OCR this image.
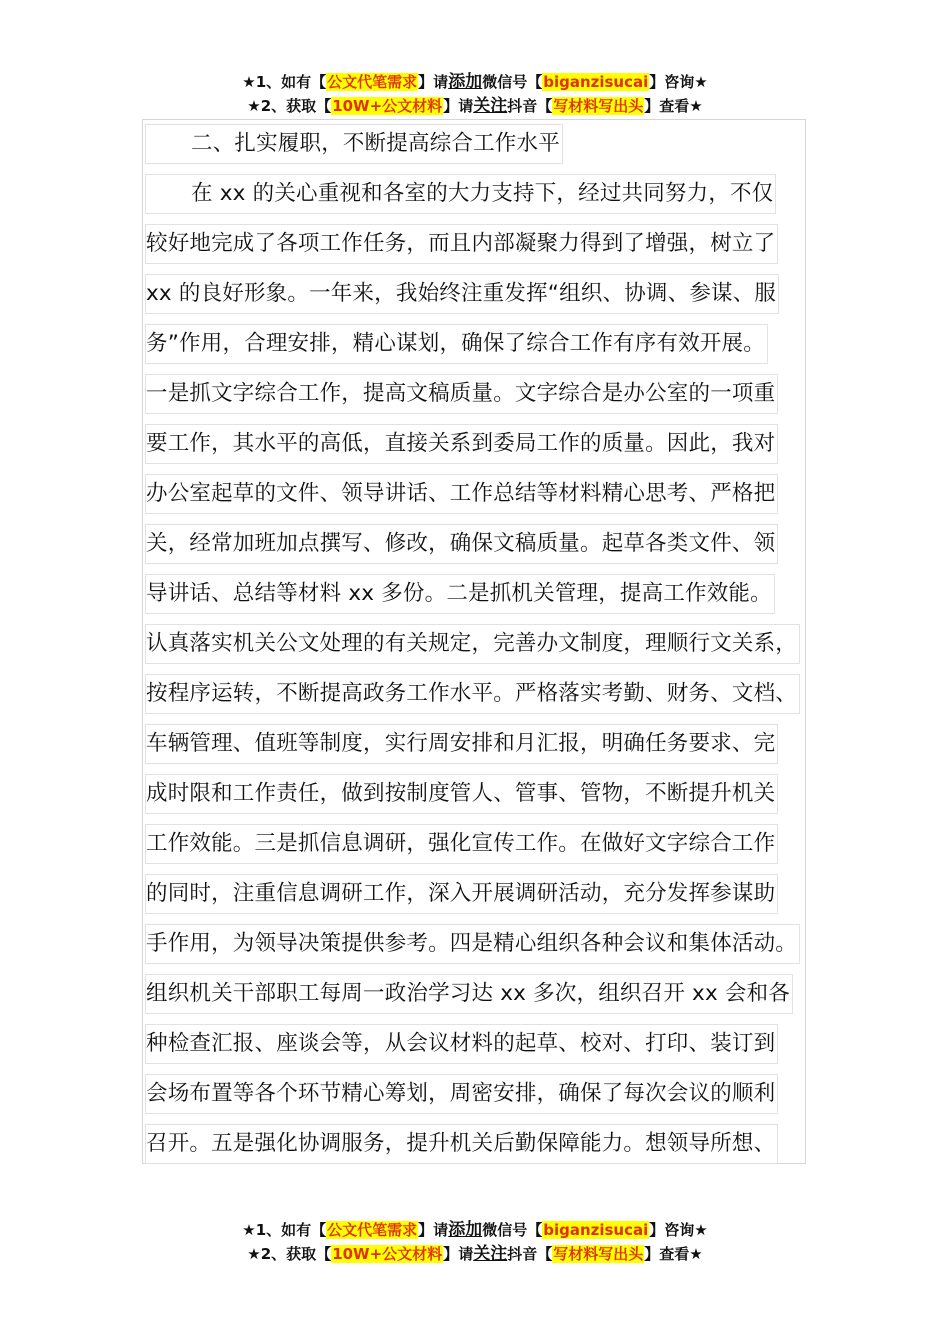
★1、如有【公文代笔需求】请添加微信号【biganzisucai】咨询★
★2、获取【10W+公文材料】请关注抖音【写材料写出头】查看★
二、扎实履职，不断提高综合工作水平
在 xx 的关心重视和各室的大力支持下，经过共同努力，不仅
较好地完成了各项工作任务，而且内部凝聚力得到了增强，树立了
xx 的良好形象。一年来，我始终注重发挥“组织、协调、参谋、服
务”作用，合理安排，精心谋划，确保了综合工作有序有效开展。
一是抓文字综合工作，提高文稿质量。文字综合是办公室的一项重
要工作，其水平的高低，直接关系到委局工作的质量。因此，我对
办公室起草的文件、领导讲话、工作总结等材料精心思考、严格把
关，经常加班加点撰写、修改，确保文稿质量。起草各类文件、领
导讲话、总结等材料 xx 多份。二是抓机关管理，提高工作效能。
认真落实机关公文处理的有关规定，完善办文制度，理顺行文关系，
按程序运转，不断提高政务工作水平。严格落实考勤、财务、文档、
车辆管理、值班等制度，实行周安排和月汇报，明确任务要求、完
成时限和工作责任，做到按制度管人、管事、管物，不断提升机关
工作效能。三是抓信息调研，强化宣传工作。在做好文字综合工作
的同时，注重信息调研工作，深入开展调研活动，充分发挥参谋助
手作用，为领导决策提供参考。四是精心组织各种会议和集体活动。
组织机关干部职工每周一政治学习达 xx 多次，组织召开 xx 会和各
种检查汇报、座谈会等，从会议材料的起草、校对、打印、装订到
会场布置等各个环节精心筹划，周密安排，确保了每次会议的顺利
召开。五是强化协调服务，提升机关后勤保障能力。想领导所想、
★1、如有【公文代笔需求】请添加微信号【biganzisucai】咨询★
★2、获取【10W+公文材料】请关注抖音【写材料写出头】查看★
